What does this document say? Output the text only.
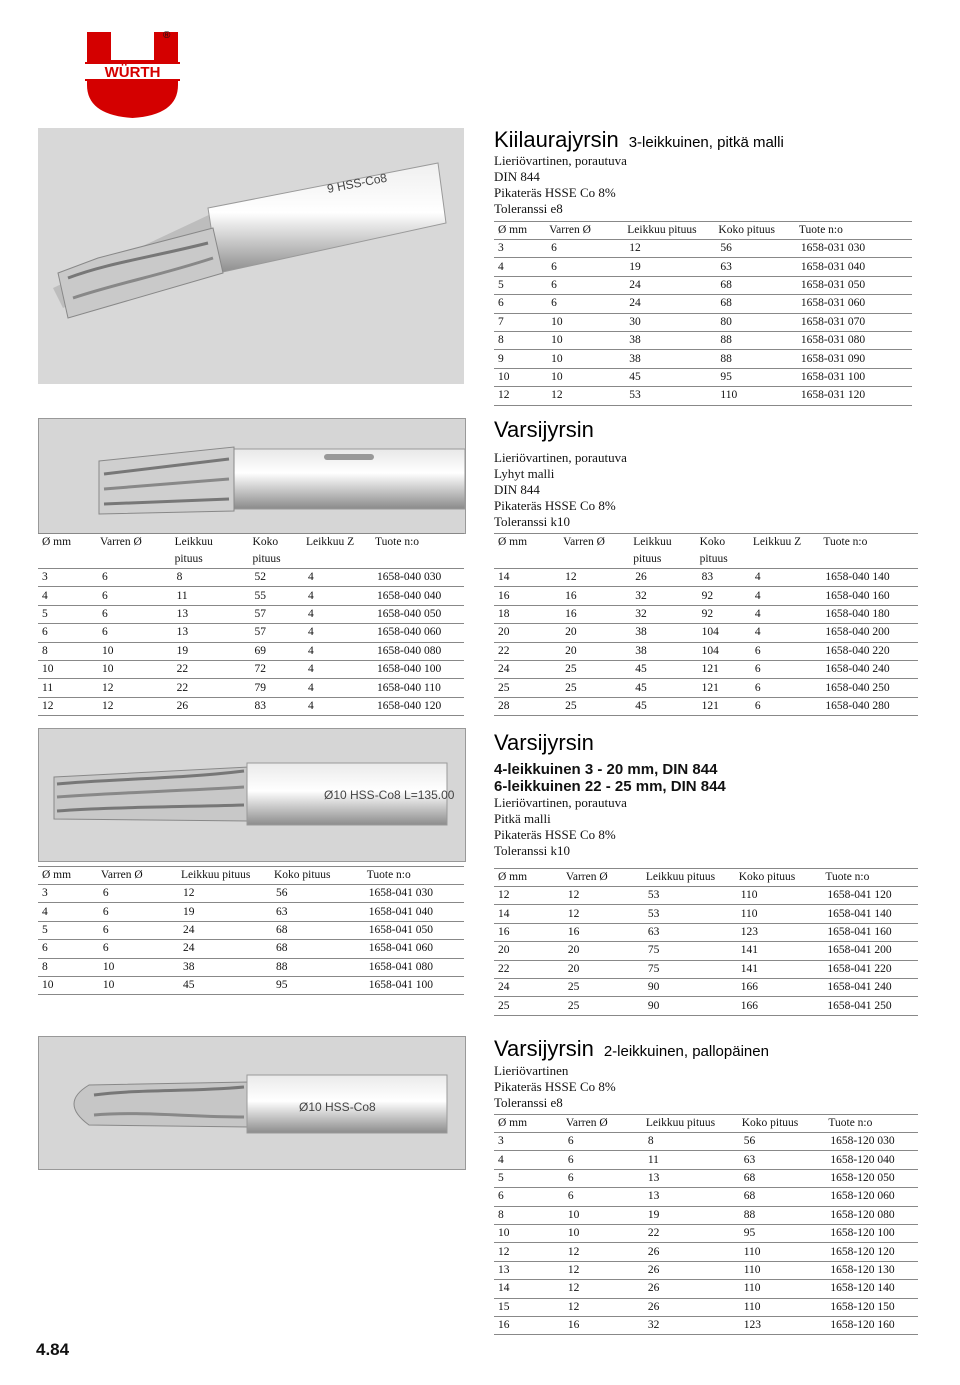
WÜRTH
®
Kiilaurajyrsin 3-leikkuinen, pitkä malli
Lieriövartinen, porautuva
DIN 844
Pikateräs HSSE Co 8%
Toleranssi e8
Ø mm	Varren Ø	Leikkuu pituus	Koko pituus	Tuote n:o
3	6	12	56	1658-031 030
4	6	19	63	1658-031 040
5	6	24	68	1658-031 050
6	6	24	68	1658-031 060
7	10	30	80	1658-031 070
8	10	38	88	1658-031 080
9	10	38	88	1658-031 090
10	10	45	95	1658-031 100
12	12	53	110	1658-031 120
9 HSS-Co8
Varsijyrsin
Lieriövartinen, porautuva
Lyhyt malli
DIN 844
Pikateräs HSSE Co 8%
Toleranssi k10
Ø mm	Varren Ø	Leikkuu	Koko	Leikkuu Z	Tuote n:o
		pituus	pituus		
3	6	8	52	4	1658-040 030
4	6	11	55	4	1658-040 040
5	6	13	57	4	1658-040 050
6	6	13	57	4	1658-040 060
8	10	19	69	4	1658-040 080
10	10	22	72	4	1658-040 100
11	12	22	79	4	1658-040 110
12	12	26	83	4	1658-040 120
Ø mm	Varren Ø	Leikkuu	Koko	Leikkuu Z	Tuote n:o
		pituus	pituus		
14	12	26	83	4	1658-040 140
16	16	32	92	4	1658-040 160
18	16	32	92	4	1658-040 180
20	20	38	104	4	1658-040 200
22	20	38	104	6	1658-040 220
24	25	45	121	6	1658-040 240
25	25	45	121	6	1658-040 250
28	25	45	121	6	1658-040 280
Ø10 HSS-Co8 L=135.00
Varsijyrsin
4-leikkuinen 3 - 20 mm, DIN 844
6-leikkuinen 22 - 25 mm, DIN 844
Lieriövartinen, porautuva
Pitkä malli
Pikateräs HSSE Co 8%
Toleranssi k10
Ø mm	Varren Ø	Leikkuu pituus	Koko pituus	Tuote n:o
3	6	12	56	1658-041 030
4	6	19	63	1658-041 040
5	6	24	68	1658-041 050
6	6	24	68	1658-041 060
8	10	38	88	1658-041 080
10	10	45	95	1658-041 100
Ø mm	Varren Ø	Leikkuu pituus	Koko pituus	Tuote n:o
12	12	53	110	1658-041 120
14	12	53	110	1658-041 140
16	16	63	123	1658-041 160
20	20	75	141	1658-041 200
22	20	75	141	1658-041 220
24	25	90	166	1658-041 240
25	25	90	166	1658-041 250
Ø10 HSS-Co8
Varsijyrsin 2-leikkuinen, pallopäinen
Lieriövartinen
Pikateräs HSSE Co 8%
Toleranssi e8
Ø mm	Varren Ø	Leikkuu pituus	Koko pituus	Tuote n:o
3	6	8	56	1658-120 030
4	6	11	63	1658-120 040
5	6	13	68	1658-120 050
6	6	13	68	1658-120 060
8	10	19	88	1658-120 080
10	10	22	95	1658-120 100
12	12	26	110	1658-120 120
13	12	26	110	1658-120 130
14	12	26	110	1658-120 140
15	12	26	110	1658-120 150
16	16	32	123	1658-120 160
4.84
